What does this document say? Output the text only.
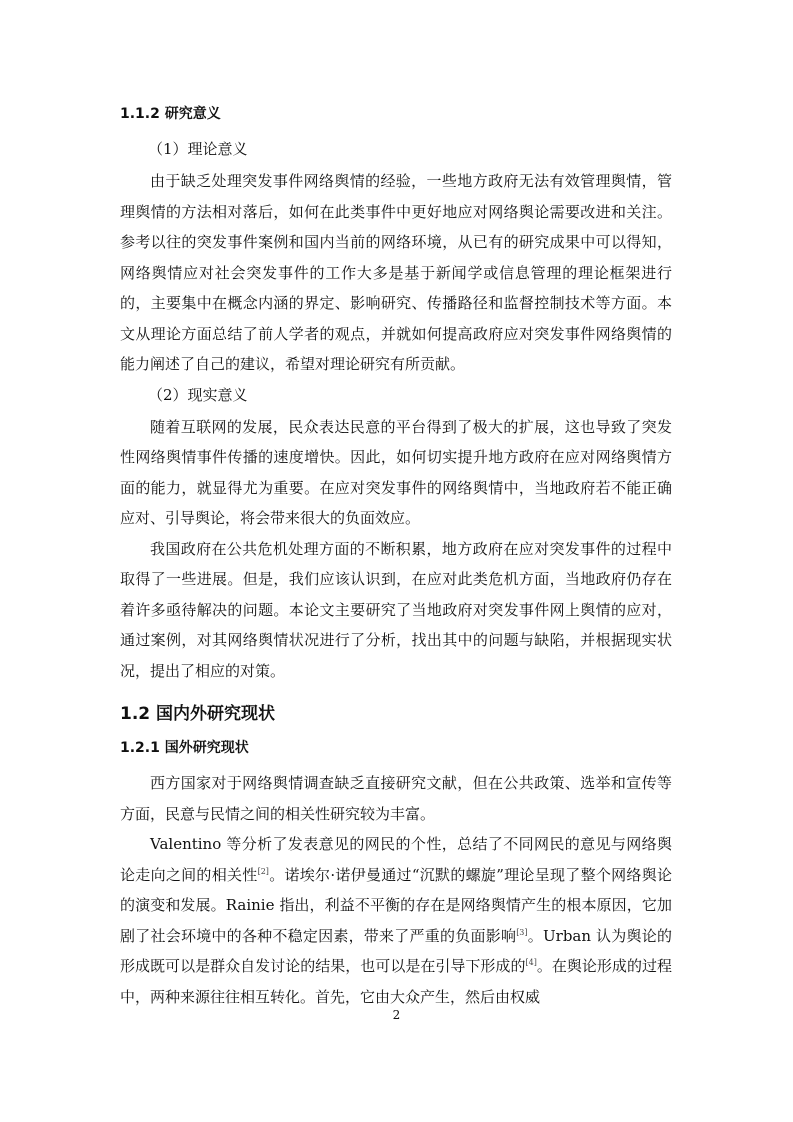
1.1.2 研究意义
（1）理论意义

由于缺乏处理突发事件网络舆情的经验，一些地方政府无法有效管理舆情，管理舆情的方法相对落后，如何在此类事件中更好地应对网络舆论需要改进和关注。参考以往的突发事件案例和国内当前的网络环境，从已有的研究成果中可以得知，网络舆情应对社会突发事件的工作大多是基于新闻学或信息管理的理论框架进行的，主要集中在概念内涵的界定、影响研究、传播路径和监督控制技术等方面。本文从理论方面总结了前人学者的观点，并就如何提高政府应对突发事件网络舆情的能力阐述了自己的建议，希望对理论研究有所贡献。

（2）现实意义

随着互联网的发展，民众表达民意的平台得到了极大的扩展，这也导致了突发性网络舆情事件传播的速度增快。因此，如何切实提升地方政府在应对网络舆情方面的能力，就显得尤为重要。在应对突发事件的网络舆情中，当地政府若不能正确应对、引导舆论，将会带来很大的负面效应。

我国政府在公共危机处理方面的不断积累，地方政府在应对突发事件的过程中取得了一些进展。但是，我们应该认识到，在应对此类危机方面，当地政府仍存在着许多亟待解决的问题。本论文主要研究了当地政府对突发事件网上舆情的应对，通过案例，对其网络舆情状况进行了分析，找出其中的问题与缺陷，并根据现实状况，提出了相应的对策。

1.2 国内外研究现状
1.2.1 国外研究现状

西方国家对于网络舆情调查缺乏直接研究文献，但在公共政策、选举和宣传等方面，民意与民情之间的相关性研究较为丰富。

Valentino 等分析了发表意见的网民的个性，总结了不同网民的意见与网络舆论走向之间的相关性[2]。诺埃尔·诺伊曼通过“沉默的螺旋”理论呈现了整个网络舆论的演变和发展。Rainie 指出，利益不平衡的存在是网络舆情产生的根本原因，它加剧了社会环境中的各种不稳定因素，带来了严重的负面影响[3]。Urban 认为舆论的形成既可以是群众自发讨论的结果，也可以是在引导下形成的[4]。在舆论形成的过程中，两种来源往往相互转化。首先，它由大众产生，然后由权威

2
